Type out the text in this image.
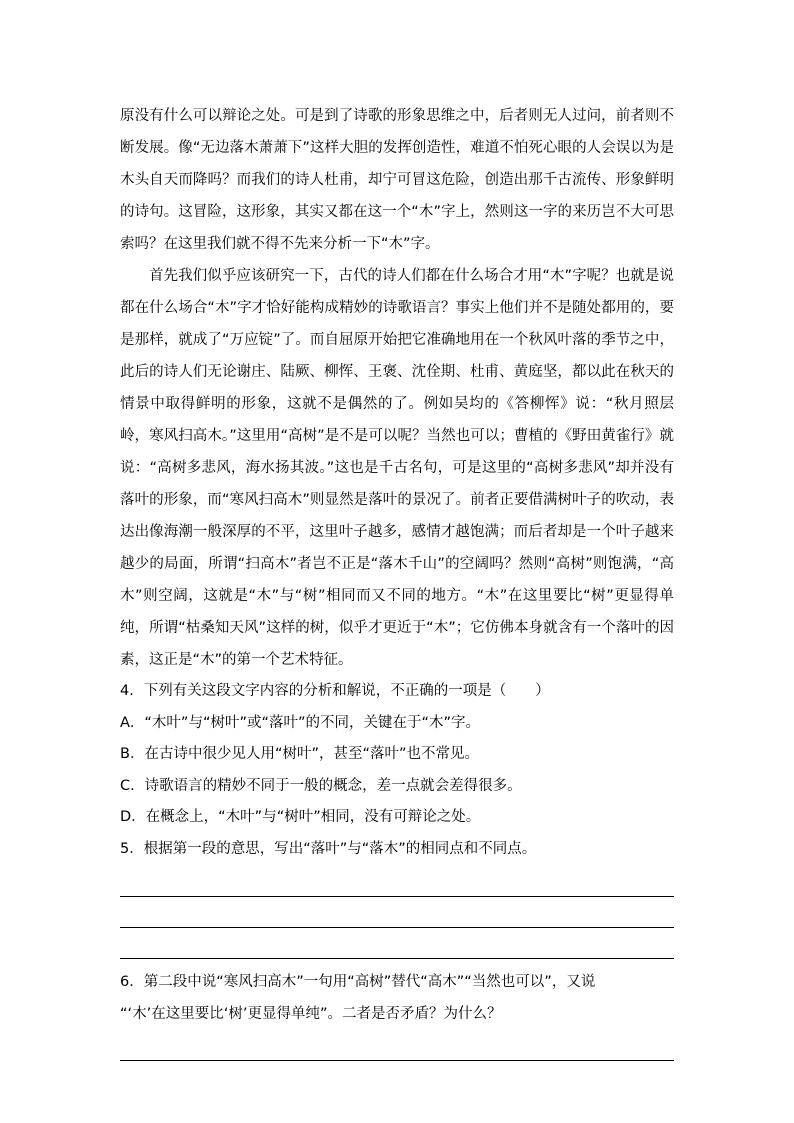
原没有什么可以辩论之处。可是到了诗歌的形象思维之中，后者则无人过问，前者则不断发展。像“无边落木萧萧下”这样大胆的发挥创造性，难道不怕死心眼的人会误以为是木头自天而降吗？而我们的诗人杜甫，却宁可冒这危险，创造出那千古流传、形象鲜明的诗句。这冒险，这形象，其实又都在这一个“木”字上，然则这一字的来历岂不大可思索吗？在这里我们就不得不先来分析一下“木”字。

首先我们似乎应该研究一下，古代的诗人们都在什么场合才用“木”字呢？也就是说都在什么场合“木”字才恰好能构成精妙的诗歌语言？事实上他们并不是随处都用的，要是那样，就成了“万应锭”了。而自屈原开始把它准确地用在一个秋风叶落的季节之中，此后的诗人们无论谢庄、陆厥、柳恽、王褒、沈佺期、杜甫、黄庭坚，都以此在秋天的情景中取得鲜明的形象，这就不是偶然的了。例如吴均的《答柳恽》说：“秋月照层岭，寒风扫高木。”这里用“高树”是不是可以呢？当然也可以；曹植的《野田黄雀行》就说：“高树多悲风，海水扬其波。”这也是千古名句，可是这里的“高树多悲风”却并没有落叶的形象，而“寒风扫高木”则显然是落叶的景况了。前者正要借满树叶子的吹动，表达出像海潮一般深厚的不平，这里叶子越多，感情才越饱满；而后者却是一个叶子越来越少的局面，所谓“扫高木”者岂不正是“落木千山”的空阔吗？然则“高树”则饱满，“高木”则空阔，这就是“木”与“树”相同而又不同的地方。“木”在这里要比“树”更显得单纯，所谓“枯桑知天风”这样的树，似乎才更近于“木”；它仿佛本身就含有一个落叶的因素，这正是“木”的第一个艺术特征。

4．下列有关这段文字内容的分析和解说，不正确的一项是（　　）

A．“木叶”与“树叶”或“落叶”的不同，关键在于“木”字。

B．在古诗中很少见人用“树叶”，甚至“落叶”也不常见。

C．诗歌语言的精妙不同于一般的概念，差一点就会差得很多。

D．在概念上，“木叶”与“树叶”相同，没有可辩论之处。

5．根据第一段的意思，写出“落叶”与“落木”的相同点和不同点。

6．第二段中说“寒风扫高木”一句用“高树”替代“高木”“当然也可以”，又说

“‘木’在这里要比‘树’更显得单纯”。二者是否矛盾？为什么？
